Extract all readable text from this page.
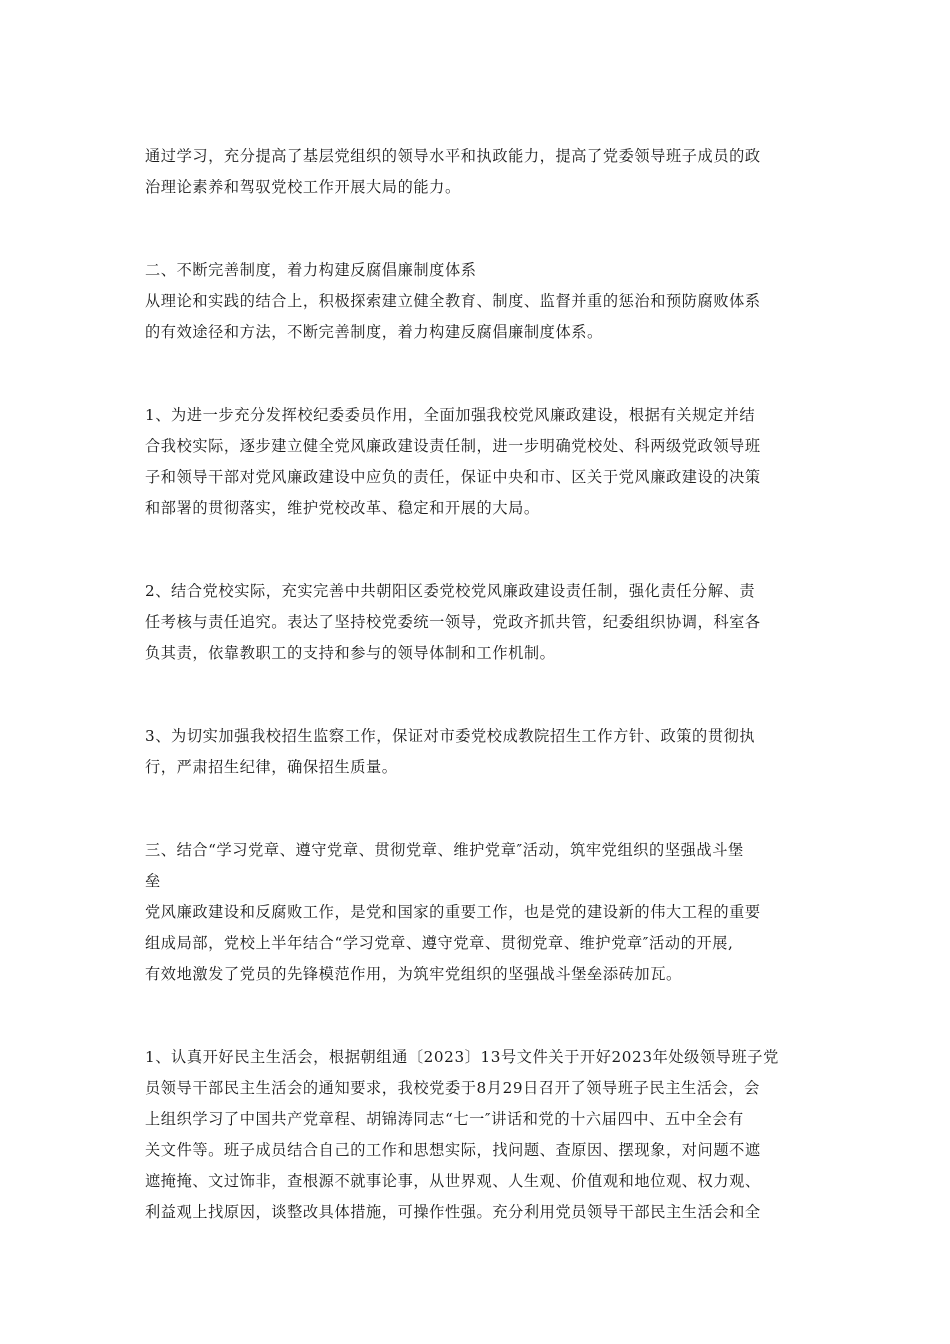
通过学习，充分提高了基层党组织的领导水平和执政能力，提高了党委领导班子成员的政
治理论素养和驾驭党校工作开展大局的能力。

二、不断完善制度，着力构建反腐倡廉制度体系
从理论和实践的结合上，积极探索建立健全教育、制度、监督并重的惩治和预防腐败体系
的有效途径和方法，不断完善制度，着力构建反腐倡廉制度体系。

1、为进一步充分发挥校纪委委员作用，全面加强我校党风廉政建设，根据有关规定并结
合我校实际，逐步建立健全党风廉政建设责任制，进一步明确党校处、科两级党政领导班
子和领导干部对党风廉政建设中应负的责任，保证中央和市、区关于党风廉政建设的决策
和部署的贯彻落实，维护党校改革、稳定和开展的大局。

2、结合党校实际，充实完善中共朝阳区委党校党风廉政建设责任制，强化责任分解、责
任考核与责任追究。表达了坚持校党委统一领导，党政齐抓共管，纪委组织协调，科室各
负其责，依靠教职工的支持和参与的领导体制和工作机制。

3、为切实加强我校招生监察工作，保证对市委党校成教院招生工作方针、政策的贯彻执
行，严肃招生纪律，确保招生质量。

三、结合“学习党章、遵守党章、贯彻党章、维护党章″活动，筑牢党组织的坚强战斗堡
垒
党风廉政建设和反腐败工作，是党和国家的重要工作，也是党的建设新的伟大工程的重要
组成局部，党校上半年结合“学习党章、遵守党章、贯彻党章、维护党章″活动的开展,
有效地激发了党员的先锋模范作用，为筑牢党组织的坚强战斗堡垒添砖加瓦。

1、认真开好民主生活会，根据朝组通〔2023〕13号文件关于开好2023年处级领导班子党
员领导干部民主生活会的通知要求，我校党委于8月29日召开了领导班子民主生活会，会
上组织学习了中国共产党章程、胡锦涛同志“七一″讲话和党的十六届四中、五中全会有
关文件等。班子成员结合自己的工作和思想实际，找问题、查原因、摆现象，对问题不遮
遮掩掩、文过饰非，查根源不就事论事，从世界观、人生观、价值观和地位观、权力观、
利益观上找原因，谈整改具体措施，可操作性强。充分利用党员领导干部民主生活会和全
